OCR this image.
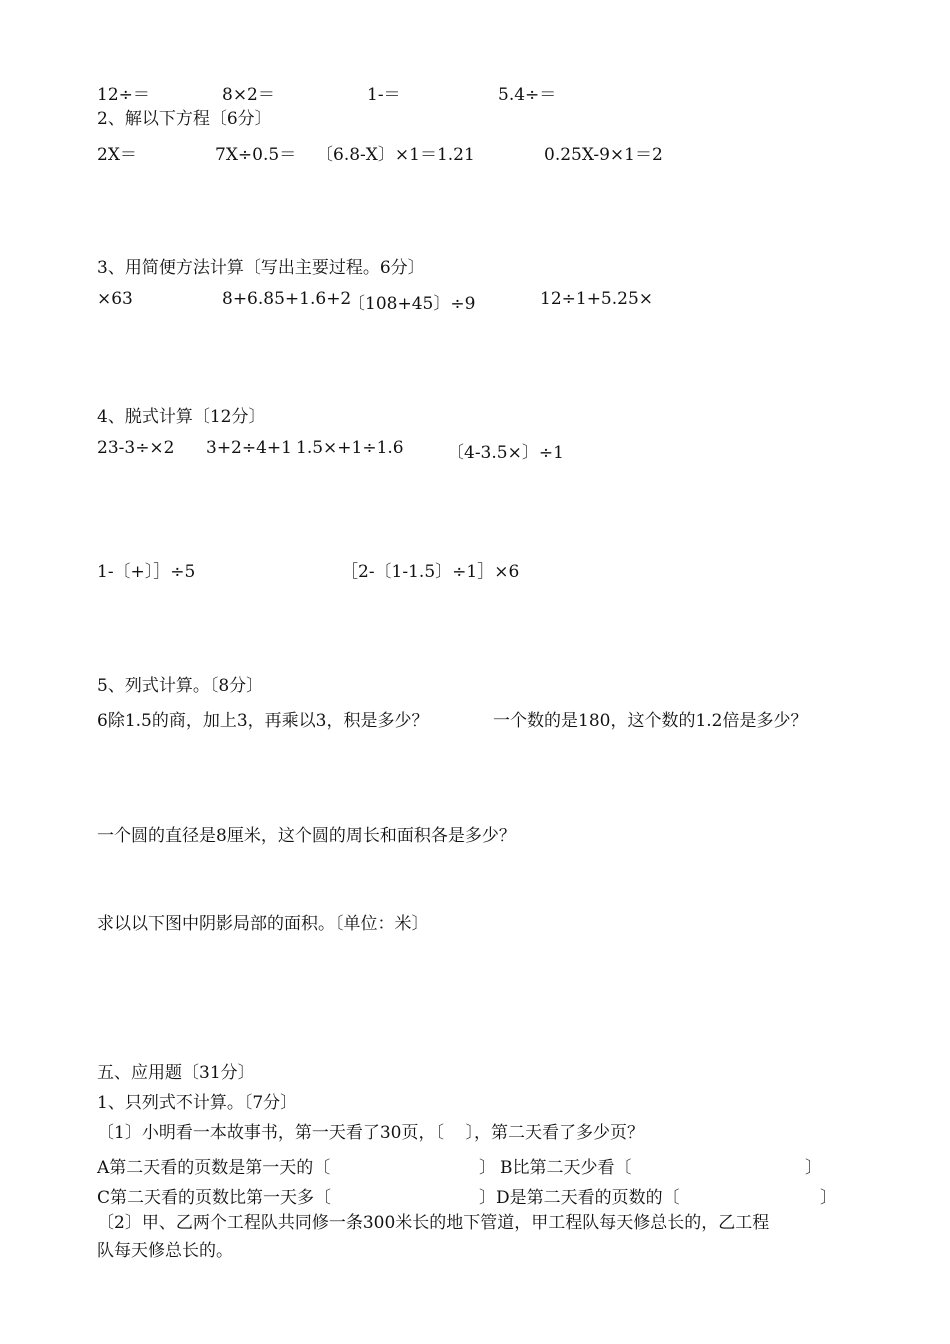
12÷＝	8×2＝	1-＝	5.4÷＝
2、解以下方程〔6分〕
2X＝	7X÷0.5＝ 〔6.8-X〕×1＝1.21	0.25X-9×1＝2
3、用简便方法计算〔写出主要过程。6分〕
×63	8+6.85+1.6+2
〔108+45〕÷9	12÷1+5.25×
4、脱式计算〔12分〕
23-3÷×2 3+2÷4+1 1.5×+1÷1.6	〔4-3.5×〕÷1
1-〔+〕］÷5	［2-〔1-1.5〕÷1］×6
5、列式计算。〔8分〕
6除1.5的商，加上3，再乘以3，积是多少？	一个数的是180，这个数的1.2倍是多少？
一个圆的直径是8厘米，这个圆的周长和面积各是多少？
求以以下图中阴影局部的面积。〔单位：米〕
五、应用题〔31分〕
1、只列式不计算。〔7分〕
〔1〕小明看一本故事书，第一天看了30页，〔    〕，第二天看了多少页？
A第二天看的页数是第一天的〔	〕 B比第二天少看〔	〕
C第二天看的页数比第一天多〔	〕 D是第二天看的页数的〔	〕
〔2〕甲、乙两个工程队共同修一条300米长的地下管道，甲工程队每天修总长的，乙工程
队每天修总长的。
